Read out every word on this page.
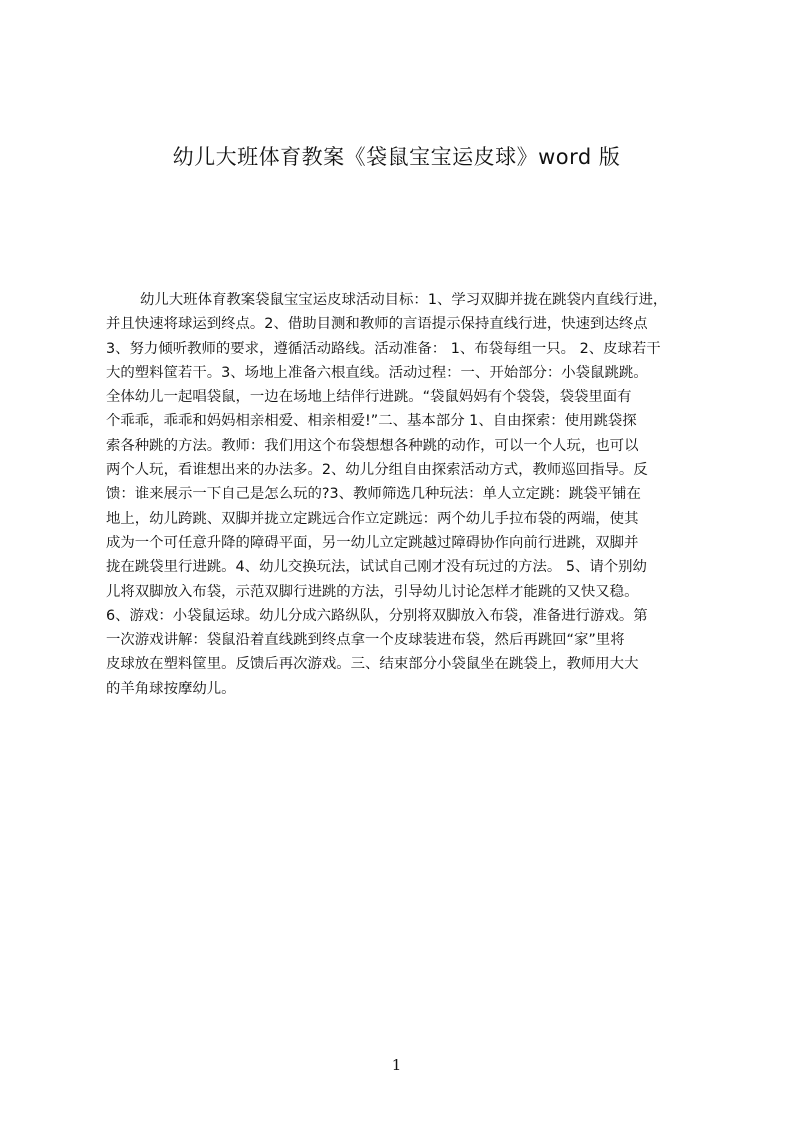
幼儿大班体育教案《袋鼠宝宝运皮球》word 版
幼儿大班体育教案袋鼠宝宝运皮球活动目标：1、学习双脚并拢在跳袋内直线行进，
并且快速将球运到终点。2、借助目测和教师的言语提示保持直线行进，快速到达终点
3、努力倾听教师的要求，遵循活动路线。活动准备： 1、布袋每组一只。 2、皮球若干
大的塑料筐若干。3、场地上准备六根直线。活动过程：一、开始部分：小袋鼠跳跳。
全体幼儿一起唱袋鼠，一边在场地上结伴行进跳。“袋鼠妈妈有个袋袋，袋袋里面有
个乖乖，乖乖和妈妈相亲相爱、相亲相爱!”二、基本部分 1、自由探索：使用跳袋探
索各种跳的方法。教师：我们用这个布袋想想各种跳的动作，可以一个人玩，也可以
两个人玩，看谁想出来的办法多。2、幼儿分组自由探索活动方式，教师巡回指导。反
馈：谁来展示一下自己是怎么玩的?3、教师筛选几种玩法：单人立定跳：跳袋平铺在
地上，幼儿跨跳、双脚并拢立定跳远合作立定跳远：两个幼儿手拉布袋的两端，使其
成为一个可任意升降的障碍平面，另一幼儿立定跳越过障碍协作向前行进跳，双脚并
拢在跳袋里行进跳。4、幼儿交换玩法，试试自己刚才没有玩过的方法。 5、请个别幼
儿将双脚放入布袋，示范双脚行进跳的方法，引导幼儿讨论怎样才能跳的又快又稳。
6、游戏：小袋鼠运球。幼儿分成六路纵队，分别将双脚放入布袋，准备进行游戏。第
一次游戏讲解：袋鼠沿着直线跳到终点拿一个皮球装进布袋，然后再跳回“家”里将
皮球放在塑料筐里。反馈后再次游戏。三、结束部分小袋鼠坐在跳袋上，教师用大大
的羊角球按摩幼儿。
1
